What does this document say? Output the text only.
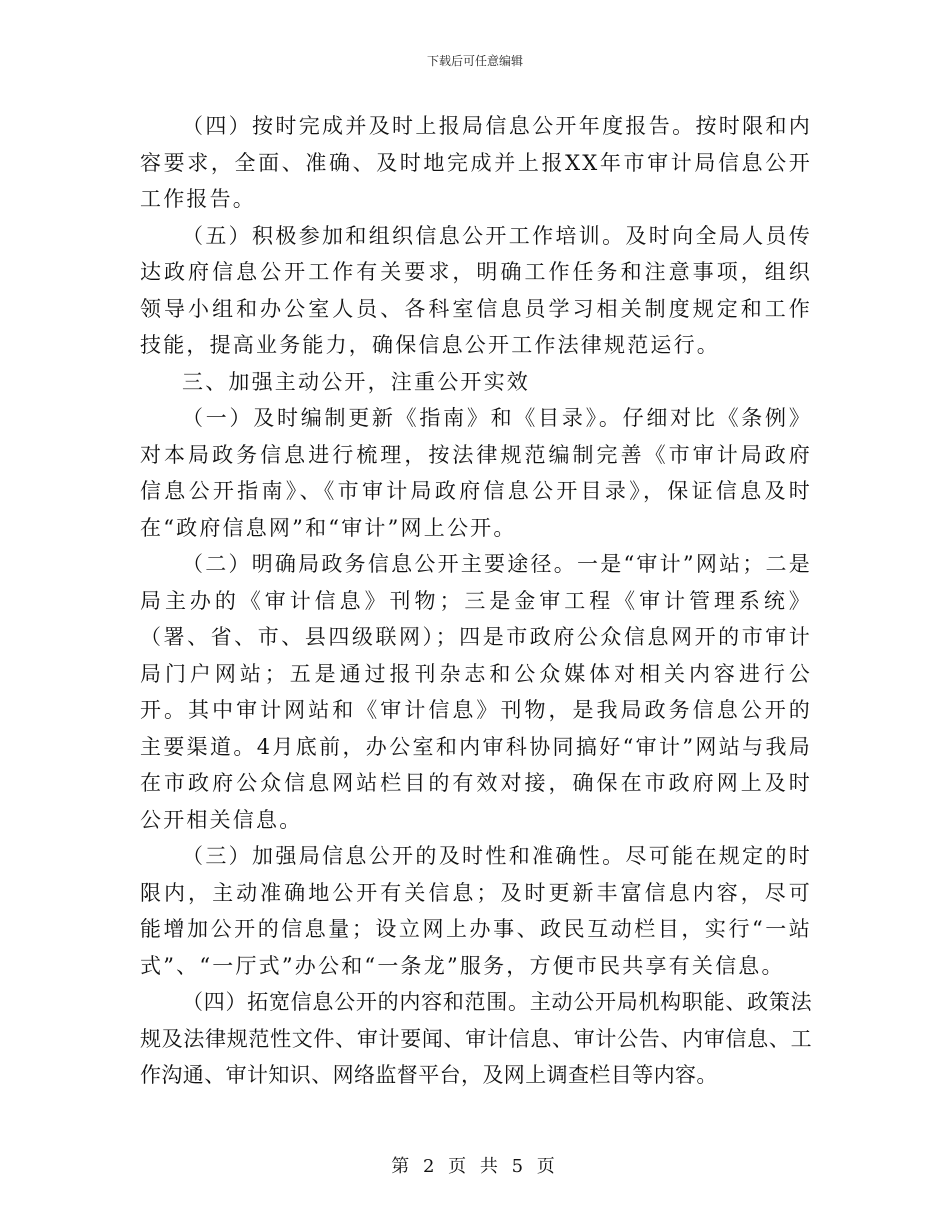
下载后可任意编辑

（四）按时完成并及时上报局信息公开年度报告。按时限和内容要求，全面、准确、及时地完成并上报XX年市审计局信息公开工作报告。

（五）积极参加和组织信息公开工作培训。及时向全局人员传达政府信息公开工作有关要求，明确工作任务和注意事项，组织领导小组和办公室人员、各科室信息员学习相关制度规定和工作技能，提高业务能力，确保信息公开工作法律规范运行。

三、加强主动公开，注重公开实效

（一）及时编制更新《指南》和《目录》。仔细对比《条例》对本局政务信息进行梳理，按法律规范编制完善《市审计局政府信息公开指南》、《市审计局政府信息公开目录》，保证信息及时在“政府信息网”和“审计”网上公开。

（二）明确局政务信息公开主要途径。一是“审计”网站；二是局主办的《审计信息》刊物；三是金审工程《审计管理系统》（署、省、市、县四级联网）；四是市政府公众信息网开的市审计局门户网站；五是通过报刊杂志和公众媒体对相关内容进行公开。其中审计网站和《审计信息》刊物，是我局政务信息公开的主要渠道。4月底前，办公室和内审科协同搞好“审计”网站与我局在市政府公众信息网站栏目的有效对接，确保在市政府网上及时公开相关信息。

（三）加强局信息公开的及时性和准确性。尽可能在规定的时限内，主动准确地公开有关信息；及时更新丰富信息内容，尽可能增加公开的信息量；设立网上办事、政民互动栏目，实行“一站式”、“一厅式”办公和“一条龙”服务，方便市民共享有关信息。

（四）拓宽信息公开的内容和范围。主动公开局机构职能、政策法规及法律规范性文件、审计要闻、审计信息、审计公告、内审信息、工作沟通、审计知识、网络监督平台，及网上调查栏目等内容。

第 2 页 共 5 页
